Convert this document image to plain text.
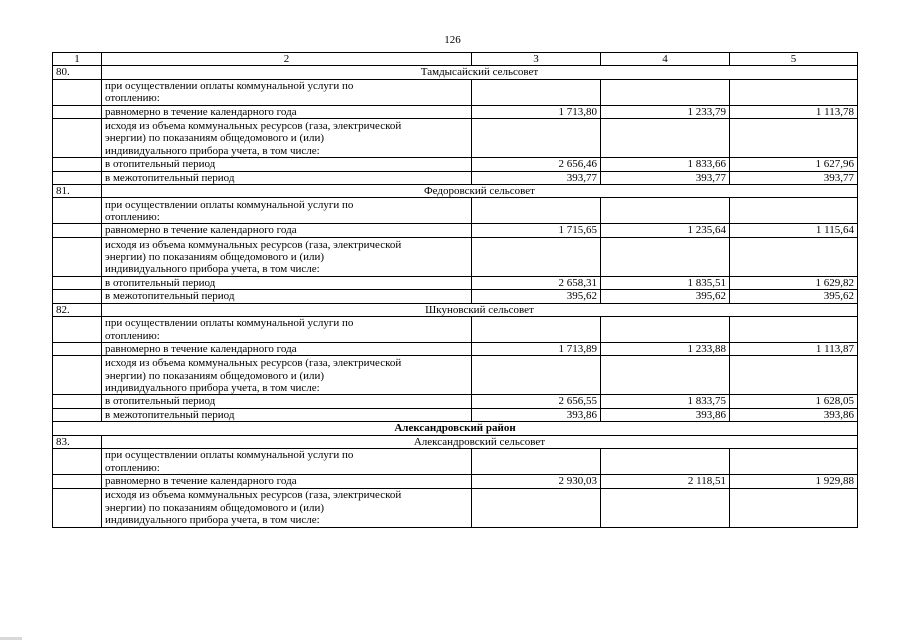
126
1	2	3	4	5
80.	Тамдысайский сельсовет			

	при осуществлении оплаты коммунальной услуги по
отоплению:			

	равномерно в течение календарного года	1 713,80	1 233,79	1 113,78

	исходя из объема коммунальных ресурсов (газа, электрической
энергии) по показаниям общедомового и (или)
индивидуального прибора учета, в том числе:			

	в отопительный период	2 656,46	1 833,66	1 627,96
	в межотопительный период	393,77	393,77	393,77
81.	Федоровский сельсовет			

	при осуществлении оплаты коммунальной услуги по
отоплению:			

	равномерно в течение календарного года	1 715,65	1 235,64	1 115,64

	исходя из объема коммунальных ресурсов (газа, электрической
энергии) по показаниям общедомового и (или)
индивидуального прибора учета, в том числе:			

	в отопительный период	2 658,31	1 835,51	1 629,82
	в межотопительный период	395,62	395,62	395,62
82.	Шкуновский сельсовет			

	при осуществлении оплаты коммунальной услуги по
отоплению:			

	равномерно в течение календарного года	1 713,89	1 233,88	1 113,87

	исходя из объема коммунальных ресурсов (газа, электрической
энергии) по показаниям общедомового и (или)
индивидуального прибора учета, в том числе:			

	в отопительный период	2 656,55	1 833,75	1 628,05
	в межотопительный период	393,86	393,86	393,86
Александровский район				
83.	Александровский сельсовет			

	при осуществлении оплаты коммунальной услуги по
отоплению:			

	равномерно в течение календарного года	2 930,03	2 118,51	1 929,88

	исходя из объема коммунальных ресурсов (газа, электрической
энергии) по показаниям общедомового и (или)
индивидуального прибора учета, в том числе:			
